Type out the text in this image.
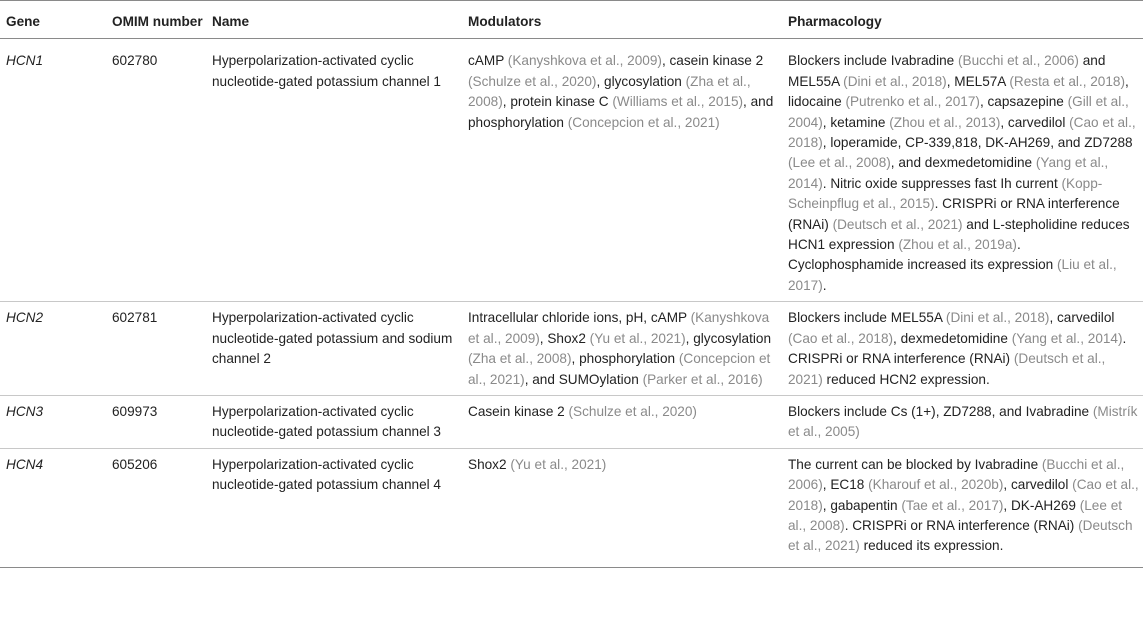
Gene	OMIM number	Name	Modulators	Pharmacology
HCN1	602780	Hyperpolarization-activated cyclic nucleotide-gated potassium channel 1	cAMP (Kanyshkova et al., 2009), casein kinase 2 (Schulze et al., 2020), glycosylation (Zha et al., 2008), protein kinase C (Williams et al., 2015), and phosphorylation (Concepcion et al., 2021)	Blockers include Ivabradine (Bucchi et al., 2006) and MEL55A (Dini et al., 2018), MEL57A (Resta et al., 2018), lidocaine (Putrenko et al., 2017), capsazepine (Gill et al., 2004), ketamine (Zhou et al., 2013), carvedilol (Cao et al., 2018), loperamide, CP-339,818, DK-AH269, and ZD7288 (Lee et al., 2008), and dexmedetomidine (Yang et al., 2014). Nitric oxide suppresses fast Ih current (Kopp-Scheinpflug et al., 2015). CRISPRi or RNA interference (RNAi) (Deutsch et al., 2021) and L-stepholidine reduces HCN1 expression (Zhou et al., 2019a). Cyclophosphamide increased its expression (Liu et al., 2017).
HCN2	602781	Hyperpolarization-activated cyclic nucleotide-gated potassium and sodium channel 2	Intracellular chloride ions, pH, cAMP (Kanyshkova et al., 2009), Shox2 (Yu et al., 2021), glycosylation (Zha et al., 2008), phosphorylation (Concepcion et al., 2021), and SUMOylation (Parker et al., 2016)	Blockers include MEL55A (Dini et al., 2018), carvedilol (Cao et al., 2018), dexmedetomidine (Yang et al., 2014). CRISPRi or RNA interference (RNAi) (Deutsch et al., 2021) reduced HCN2 expression.
HCN3	609973	Hyperpolarization-activated cyclic nucleotide-gated potassium channel 3	Casein kinase 2 (Schulze et al., 2020)	Blockers include Cs (1+), ZD7288, and Ivabradine (Mistrík et al., 2005)
HCN4	605206	Hyperpolarization-activated cyclic nucleotide-gated potassium channel 4	Shox2 (Yu et al., 2021)	The current can be blocked by Ivabradine (Bucchi et al., 2006), EC18 (Kharouf et al., 2020b), carvedilol (Cao et al., 2018), gabapentin (Tae et al., 2017), DK-AH269 (Lee et al., 2008). CRISPRi or RNA interference (RNAi) (Deutsch et al., 2021) reduced its expression.
